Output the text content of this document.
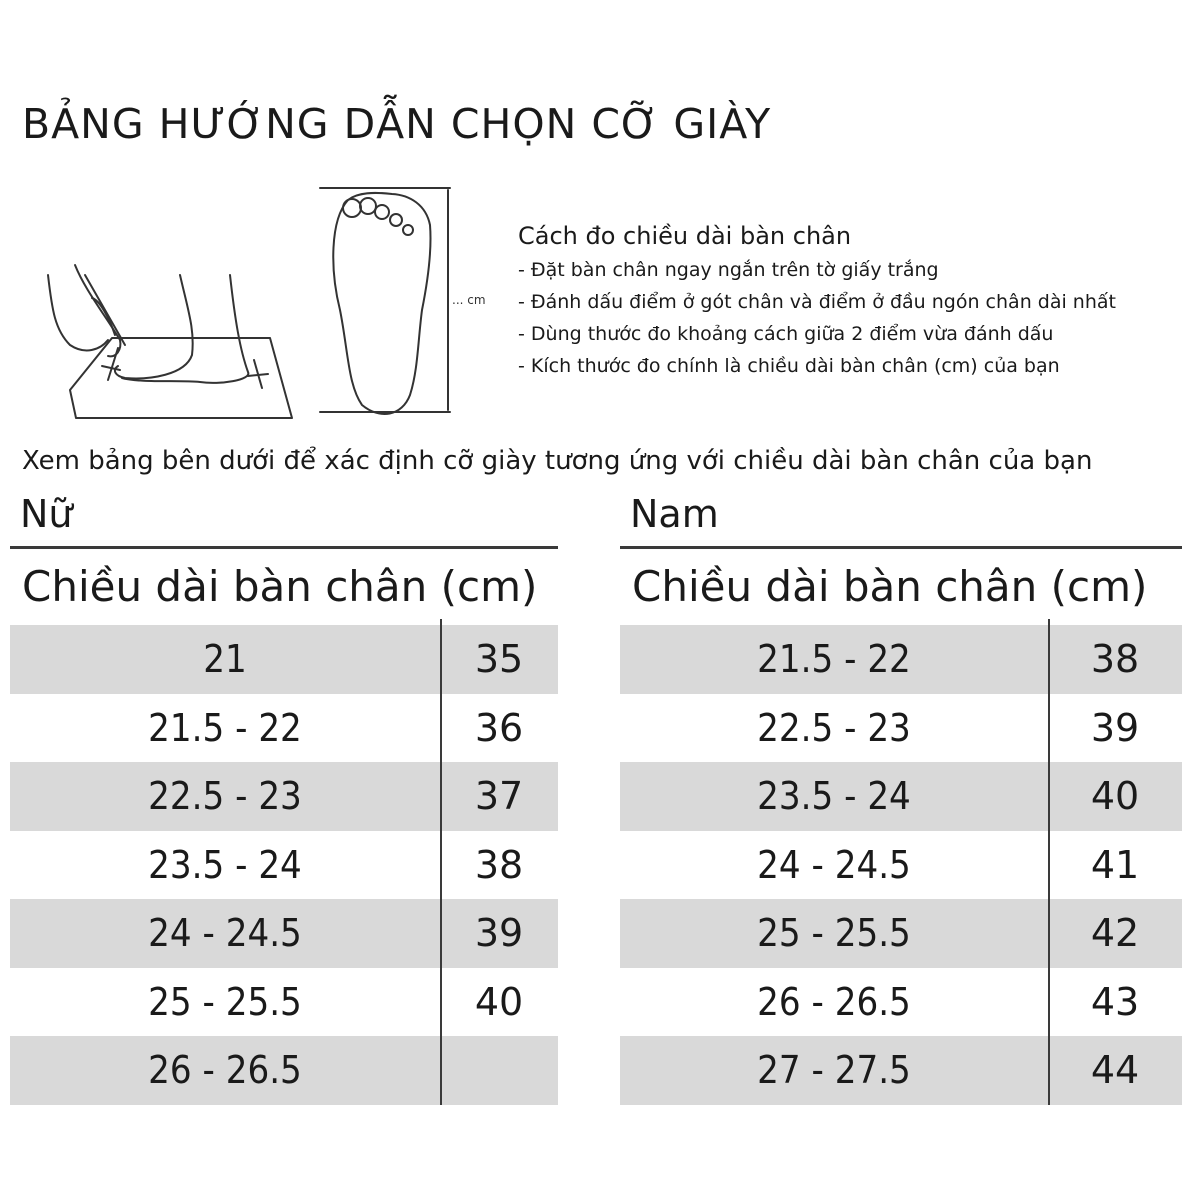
BẢNG HƯỚNG DẪN CHỌN CỠ GIÀY
... cm
Cách đo chiều dài bàn chân
- Đặt bàn chân ngay ngắn trên tờ giấy trắng
- Đánh dấu điểm ở gót chân và điểm ở đầu ngón chân dài nhất
- Dùng thước đo khoảng cách giữa 2 điểm vừa đánh dấu
- Kích thước đo chính là chiều dài bàn chân (cm) của bạn
Xem bảng bên dưới để xác định cỡ giày tương ứng với chiều dài bàn chân của bạn
Nữ
Chiều dài bàn chân (cm)
21	35
21.5 - 22	36
22.5 - 23	37
23.5 - 24	38
24 - 24.5	39
25 - 25.5	40
26 - 26.5
Nam
Chiều dài bàn chân (cm)
21.5 - 22	38
22.5 - 23	39
23.5 - 24	40
24 - 24.5	41
25 - 25.5	42
26 - 26.5	43
27 - 27.5	44
